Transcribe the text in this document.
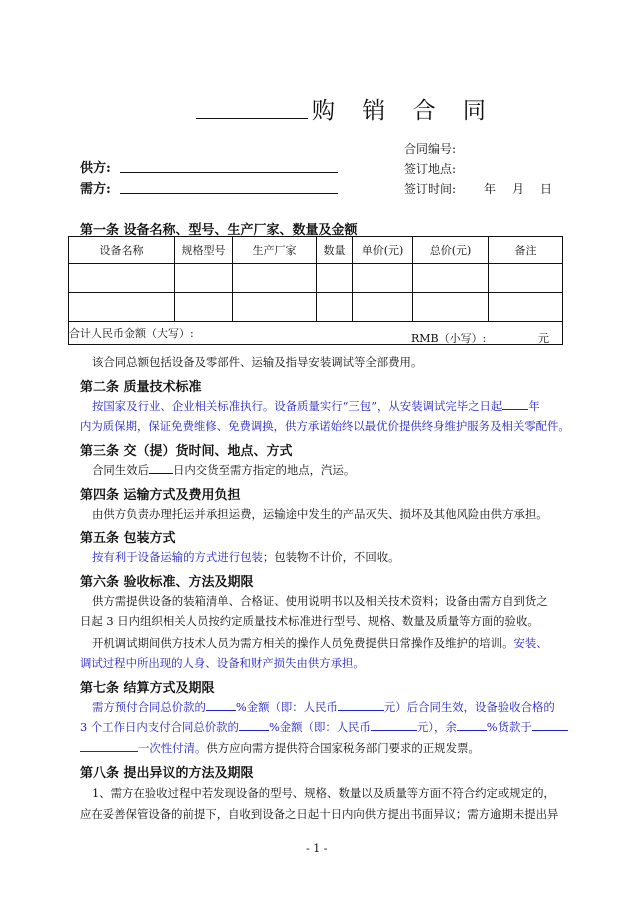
购 销 合 同
合同编号:
签订地点:
签订时间: 年 月 日
供方:
需方:
第一条 设备名称、型号、生产厂家、数量及金额
设备名称	规格型号	生产厂家	数量	单价(元)	总价(元)	备注

合计人民币金额（大写）:							RMB（小写）:	元
该合同总额包括设备及零部件、运输及指导安装调试等全部费用。
第二条 质量技术标准
按国家及行业、企业相关标准执行。设备质量实行“三包”，从安装调试完毕之日起 年
内为质保期，保证免费维修、免费调换，供方承诺始终以最优价提供终身维护服务及相关零配件。
第三条 交（提）货时间、地点、方式
合同生效后 日内交货至需方指定的地点，汽运。
第四条 运输方式及费用负担
由供方负责办理托运并承担运费，运输途中发生的产品灭失、损坏及其他风险由供方承担。
第五条 包装方式
按有利于设备运输的方式进行包装；包装物不计价，不回收。
第六条 验收标准、方法及期限
供方需提供设备的装箱清单、合格证、使用说明书以及相关技术资料；设备由需方自到货之
日起 3 日内组织相关人员按约定质量技术标准进行型号、规格、数量及质量等方面的验收。
开机调试期间供方技术人员为需方相关的操作人员免费提供日常操作及维护的培训。安装、
调试过程中所出现的人身、设备和财产损失由供方承担。
第七条 结算方式及期限
需方预付合同总价款的	%金额（即：人民币	元）后合同生效，设备验收合格的
3 个工作日内支付合同总价款的	%金额（即：人民币	元），余	%货款于
一次性付清。供方应向需方提供符合国家税务部门要求的正规发票。
第八条 提出异议的方法及期限
1、需方在验收过程中若发现设备的型号、规格、数量以及质量等方面不符合约定或规定的，
应在妥善保管设备的前提下，自收到设备之日起十日内向供方提出书面异议；需方逾期未提出异
- 1 -
